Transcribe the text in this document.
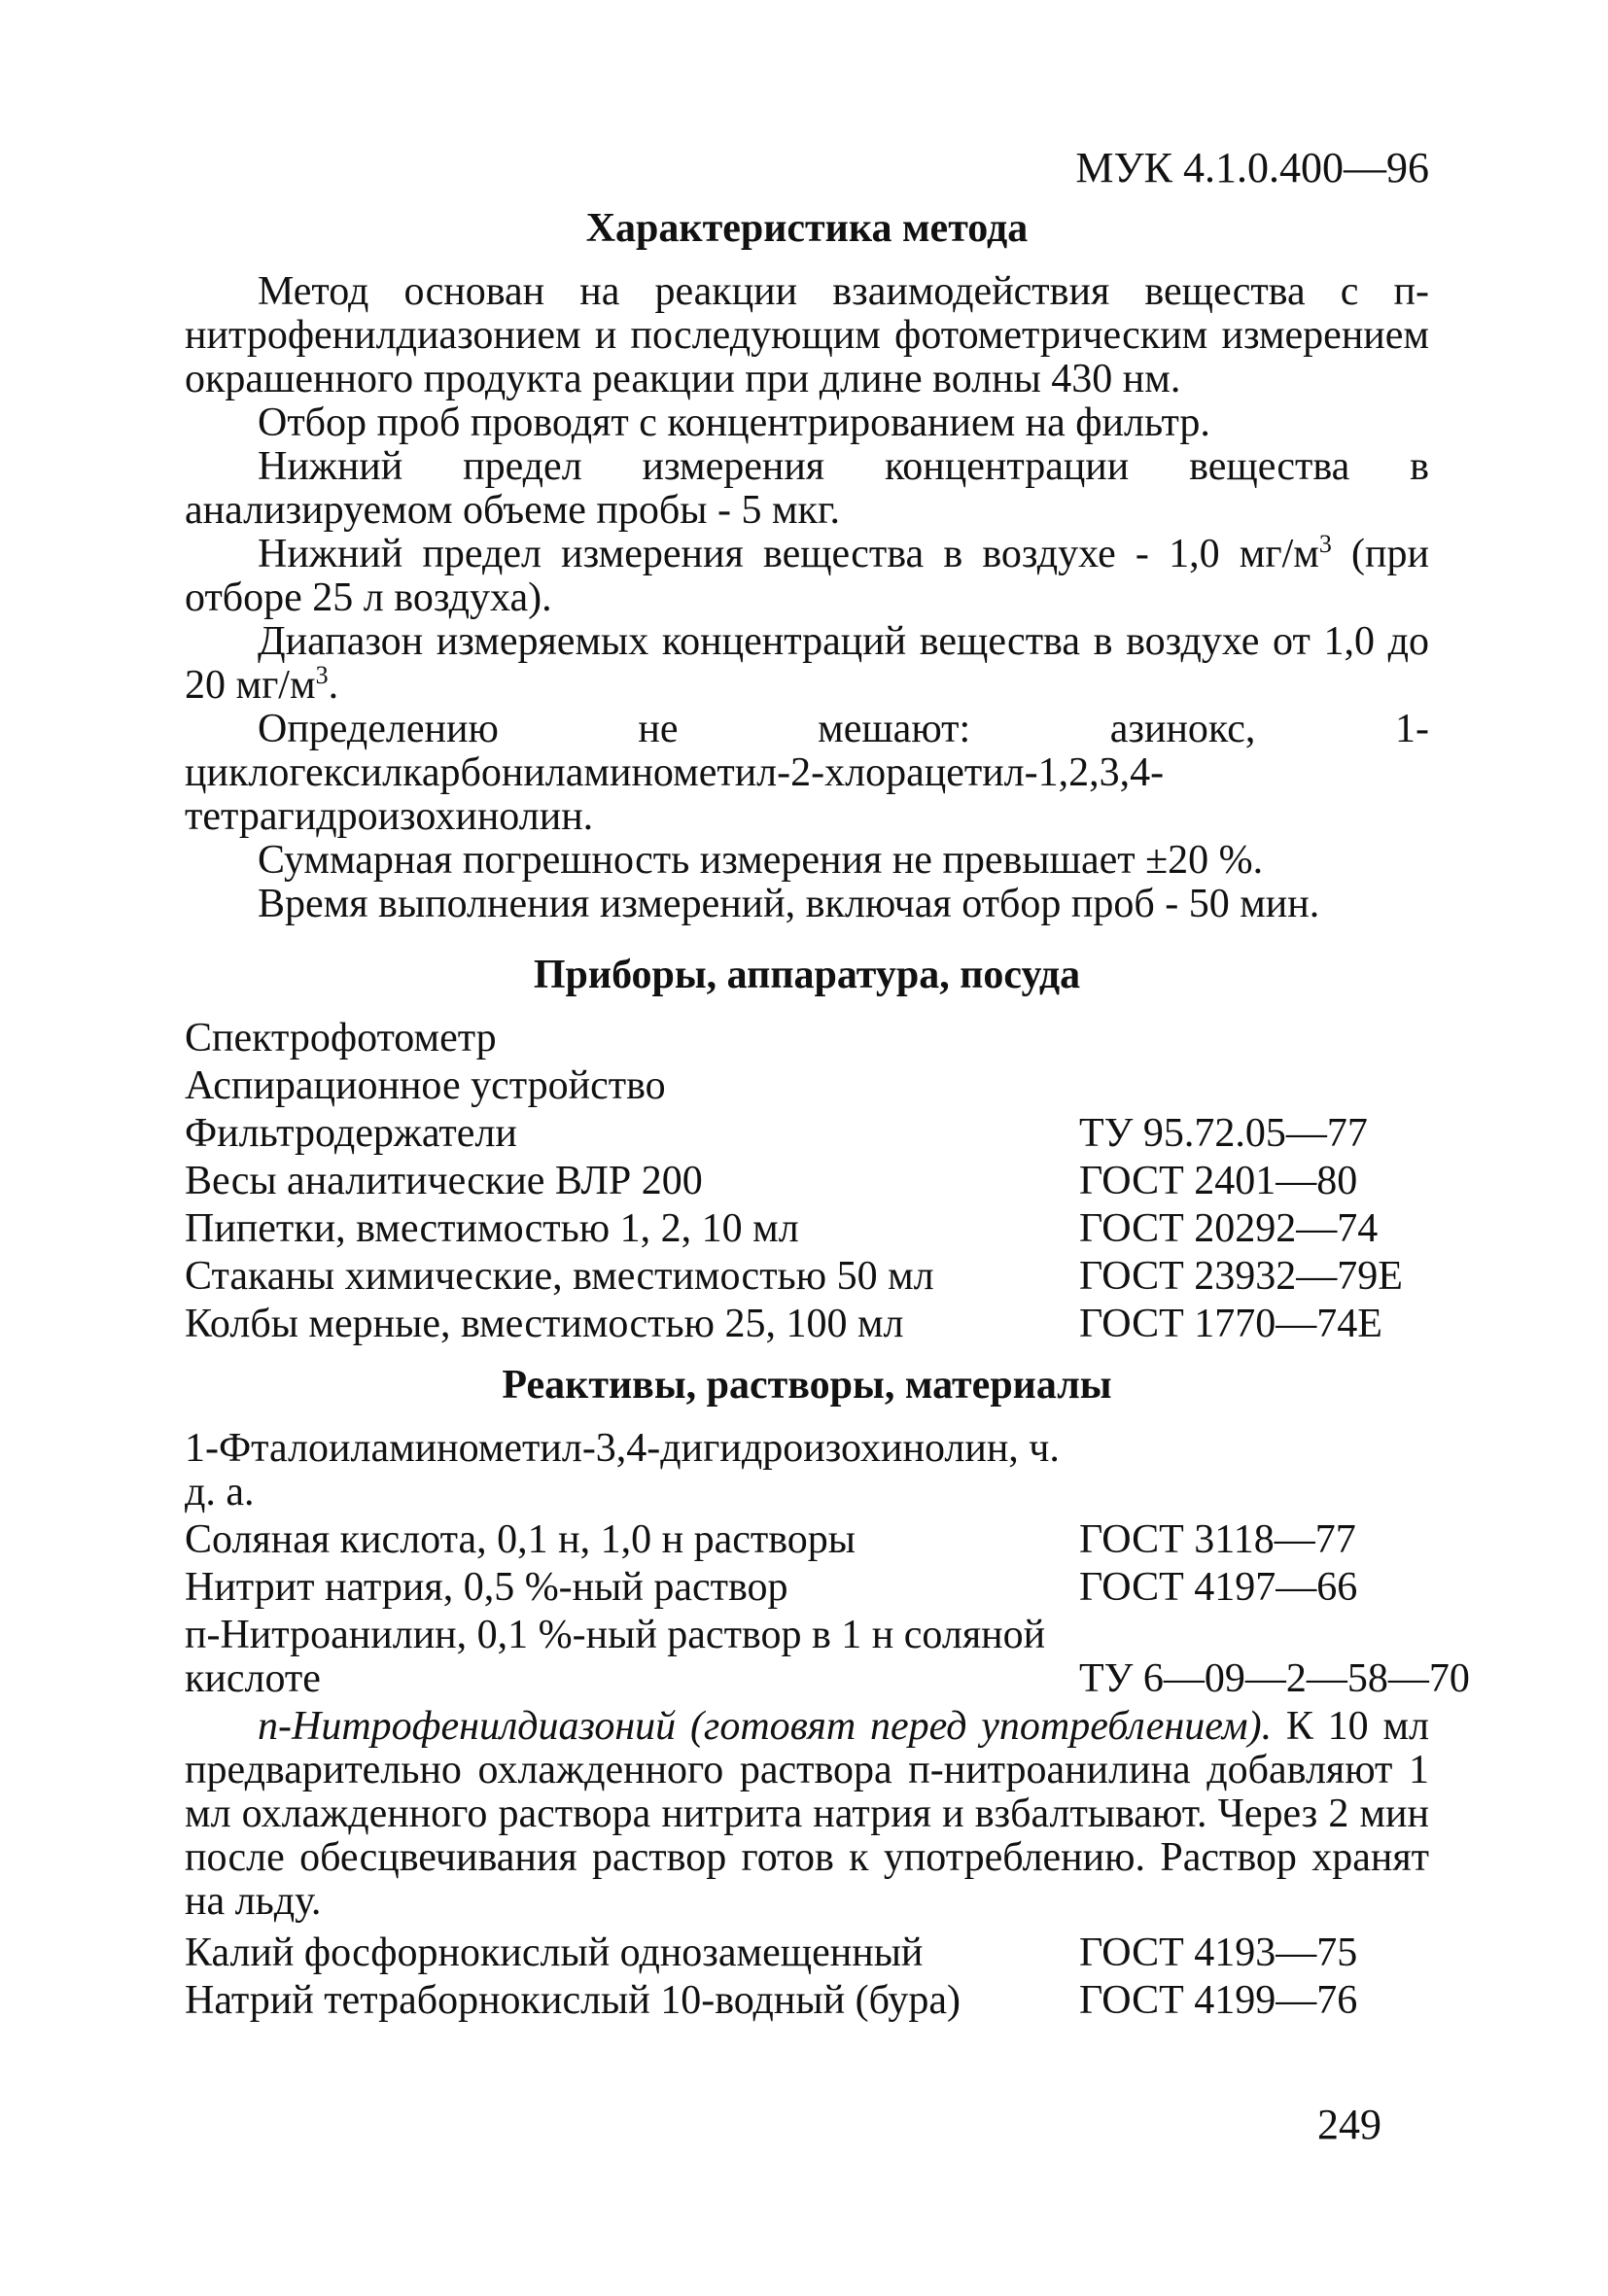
МУК 4.1.0.400—96
Характеристика метода

Метод основан на реакции взаимодействия вещества с п-нитрофенилдиазонием и последующим фотометрическим измерением окрашенного продукта реакции при длине волны 430 нм.

Отбор проб проводят с концентрированием на фильтр.

Нижний предел измерения концентрации вещества в анализируемом объеме пробы - 5 мкг.

Нижний предел измерения вещества в воздухе - 1,0 $мг/м^3$ (при отборе 25 л воздуха).

Диапазон измеряемых концентраций вещества в воздухе от 1,0 до 20 $мг/м^3$.

Определению не мешают: азинокс, 1-циклогексилкарбониламинометил-2-хлорацетил-1,2,3,4-тетрагидроизохинолин.

Суммарная погрешность измерения не превышает ±20 %.

Время выполнения измерений, включая отбор проб - 50 мин.

Приборы, аппаратура, посуда
Спектрофотометр
Аспирационное устройство
Фильтродержатели	ТУ 95.72.05—77
Весы аналитические ВЛР 200	ГОСТ 2401—80
Пипетки, вместимостью 1, 2, 10 мл	ГОСТ 20292—74
Стаканы химические, вместимостью 50 мл	ГОСТ 23932—79Е
Колбы мерные, вместимостью 25, 100 мл	ГОСТ 1770—74Е
Реактивы, растворы, материалы
1-Фталоиламинометил-3,4-дигидроизохинолин, ч. д. а.
Соляная кислота, 0,1 н, 1,0 н растворы	ГОСТ 3118—77
Нитрит натрия, 0,5 %-ный раствор	ГОСТ 4197—66
п-Нитроанилин, 0,1 %-ный раствор в 1 н соляной кислоте	ТУ 6—09—2—58—70

п-Нитрофенилдиазоний (готовят перед употреблением). К 10 мл предварительно охлажденного раствора п-нитроанилина добавляют 1 мл охлажденного раствора нитрита натрия и взбалтывают. Через 2 мин после обесцвечивания раствор готов к употреблению. Раствор хранят на льду.

Калий фосфорнокислый однозамещенный	ГОСТ 4193—75
Натрий тетраборнокислый 10-водный (бура)	ГОСТ 4199—76
249
